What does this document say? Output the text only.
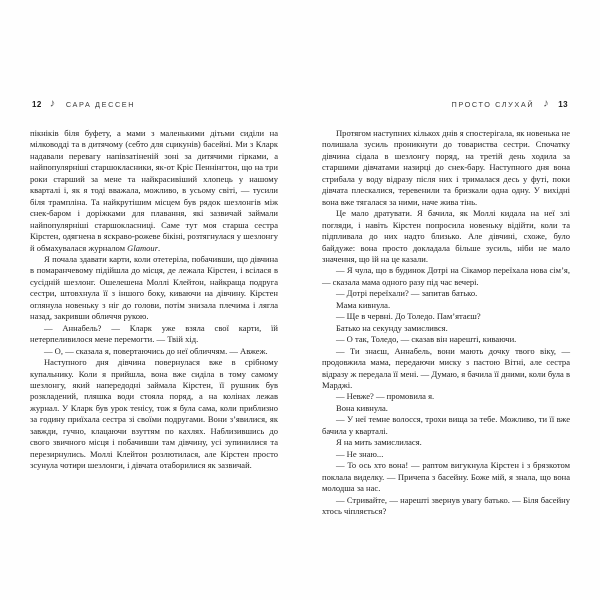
12 ♪ САРА ДЕССЕН

пікніків біля буфету, а мами з маленькими дітьми сиділи на мілководді та в дитячому (себто для сцикунів) басейні. Ми з Кларк надавали перевагу напівзатіненій зоні за дитячими гірками, а найпопулярніші старшокласники, як-от Кріс Пеннінгтон, що на три роки старший за мене та найкрасивіший хлопець у нашому кварталі і, як я тоді вважала, можливо, в усьому світі, — тусили біля трампліна. Та найкрутішим місцем був рядок шезлонгів між снек-баром і доріжками для плавання, які зазвичай займали найпопулярніші старшокласниці. Саме тут моя старша сестра Кірстен, одягнена в яскраво-рожеве бікіні, розтягнулася у шезлонгу й обмахувалася журналом Glamour.

Я почала здавати карти, коли отетеріла, побачивши, що дівчина в помаранчевому підійшла до місця, де лежала Кірстен, і всілася в сусідній шезлонг. Ошелешена Моллі Клейтон, найкраща подруга сестри, штовхнула її з іншого боку, киваючи на дівчину. Кірстен оглянула новеньку з ніг до голови, потім знизала плечима і лягла назад, закривши обличчя рукою.

— Аннабель? — Кларк уже взяла свої карти, їй нетерпеливилося мене перемогти. — Твій хід.

— О, — сказала я, повертаючись до неї обличчям. — Авжеж.

Наступного дня дівчина повернулася вже в срібному купальнику. Коли я прийшла, вона вже сиділа в тому самому шезлонгу, який напередодні займала Кірстен, її рушник був розкладений, пляшка води стояла поряд, а на колінах лежав журнал. У Кларк був урок тенісу, тож я була сама, коли приблизно за годину приїхала сестра зі своїми подругами. Вони зʼявилися, як завжди, гучно, клацаючи взуттям по кахлях. Наблизившись до свого звичного місця і побачивши там дівчину, усі зупинилися та перезирнулись. Моллі Клейтон розлютилася, але Кірстен просто зсунула чотири шезлонги, і дівчата отаборилися як зазвичай.

ПРОСТО СЛУХАЙ ♪ 13

Протягом наступних кількох днів я спостерігала, як новенька не полишала зусиль проникнути до товариства сестри. Спочатку дівчина сідала в шезлонгу поряд, на третій день ходила за старшими дівчатами назирці до снек-бару. Наступного дня вона стрибала у воду відразу після них і трималася десь у футі, поки дівчата плескалися, теревенили та бризкали одна одну. У вихідні вона вже тягалася за ними, наче жива тінь.

Це мало дратувати. Я бачила, як Моллі кидала на неї злі погляди, і навіть Кірстен попросила новеньку відійти, коли та підпливала до них надто близько. Але дівчині, схоже, було байдуже: вона просто докладала більше зусиль, ніби не мало значення, що їй на це казали.

— Я чула, що в будинок Дотрі на Сікамор переїхала нова сімʼя, — сказала мама одного разу під час вечері.

— Дотрі переїхали? — запитав батько.

Мама кивнула.

— Ще в червні. До Толедо. Памʼятаєш?

Батько на секунду замислився.

— О так, Толедо, — сказав він нарешті, киваючи.

— Ти знаєш, Аннабель, вони мають дочку твого віку, — продовжила мама, передаючи миску з пастою Вітні, але сестра відразу ж передала її мені. — Думаю, я бачила її дними, коли була в Марджі.

— Невже? — промовила я.

Вона кивнула.

— У неї темне волосся, трохи вища за тебе. Можливо, ти її вже бачила у кварталі.

Я на мить замислилася.

— Не знаю...

— То ось хто вона! — раптом вигукнула Кірстен і з брязкотом поклала виделку. — Причепа з басейну. Боже мій, я знала, що вона молодша за нас.

— Стривайте, — нарешті звернув увагу батько. — Біля басейну хтось чіпляється?
